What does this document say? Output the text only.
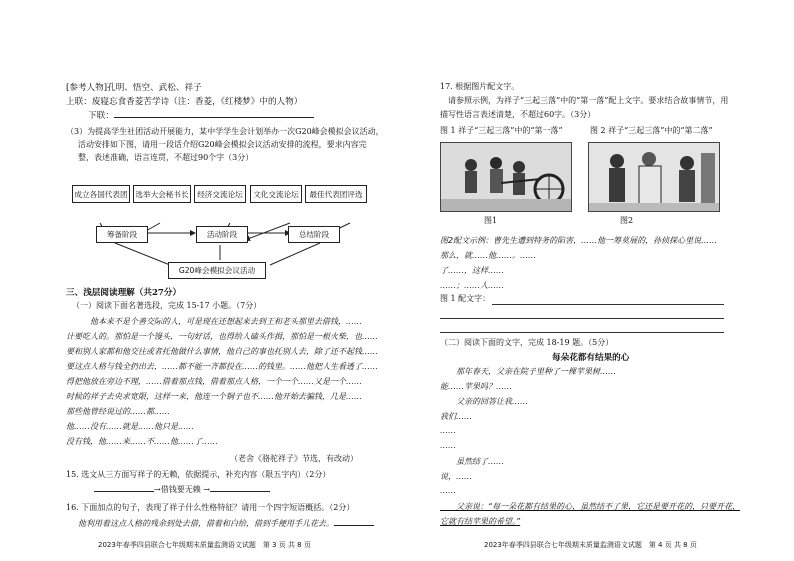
[参考人物]孔明、悟空、武松、祥子
上联：废寝忘食香菱苦学诗（注：香菱，《红楼梦》中的人物）
下联：
（3）为提高学生社团活动开展能力，某中学学生会计划举办一次G20峰会模拟会议活动，
活动安排如下图，请用一段话介绍G20峰会模拟会议活动安排的流程，要求内容完
整，表述准确，语言连贯，不超过90个字（3分）
成立各国代表团	选举大会秘书长	经济交流论坛	文化交流论坛	最佳代表团评选
筹备阶段	活动阶段	总结阶段
G20峰会模拟会议活动
三、浅层阅读理解（共27分）
（一）阅读下面名著选段，完成 15-17 小题。（7分）
　　　他本来不是个善交际的人，可是现在还想起来去到王和老头那里去借钱，……
计要吃人的。那怕是一个馒头，一句好话，也得给人磕头作揖，那怕是一根火柴，也……
要和别人家都和他交往或者托他做什么事情，他自己的事也托别人去，除了还不起钱……
要这点人格与钱全扔出去，……都不能一齐都投在……的钱里。……他把人生看透了……
得把他放在旁边不理，……借着那点钱，借着那点人格，一个一个……又是一个……
时候的祥子去央求宽限，这样一来，他连一个铜子也不……他开始去骗钱，几是……
那些他曾经说过的……都……
他……没有……就是……他只是……
没有钱，他……来……不……他……了……
（老舍《骆驼祥子》节选，有改动）
15. 选文从三方面写祥子的无赖，依据提示，补充内容（限五字内）（2分）
→借钱要无赖 →
16. 下面加点的句子，表现了祥子什么性格特征？请用一个四字短语概括。（2分）
他利用着这点人格的残余到处去借，借着和白给，借到手便用手儿花去。
2023年春季四县联合七年级期末质量监测语文试题　第 3 页 共 8 页
17. 根据图片配文字。
请参照示例，为祥子“三起三落”中的“第一落”配上文字。要求结合故事情节，用
描写性语言表述清楚，不超过60字。（3分）
图 1 祥子“三起三落”中的“第一落”	图 2 祥子“三起三落”中的“第二落”
图1	图2
图2配文示例：曹先生遭到特务的陷害，……他一筹莫展的，孙侦探心里说……
那么，就……他……。……
了……，这样……
……；……人……
图 1 配文字：
（二）阅读下面的文字，完成 18-19 题。（5分）
每朵花都有结果的心
　　那年春天，父亲在院子里种了一棵苹果树……
能……苹果吗？……
　　父亲的回答让我……
我们……
……
……
　　虽然结了……
说，……
……
　　父亲说：“每一朵花都有结果的心，虽然结不了果，它还是要开花的，只要开花，
它就有结苹果的希望。”
2023年春季四县联合七年级期末质量监测语文试题　第 4 页 共 8 页
